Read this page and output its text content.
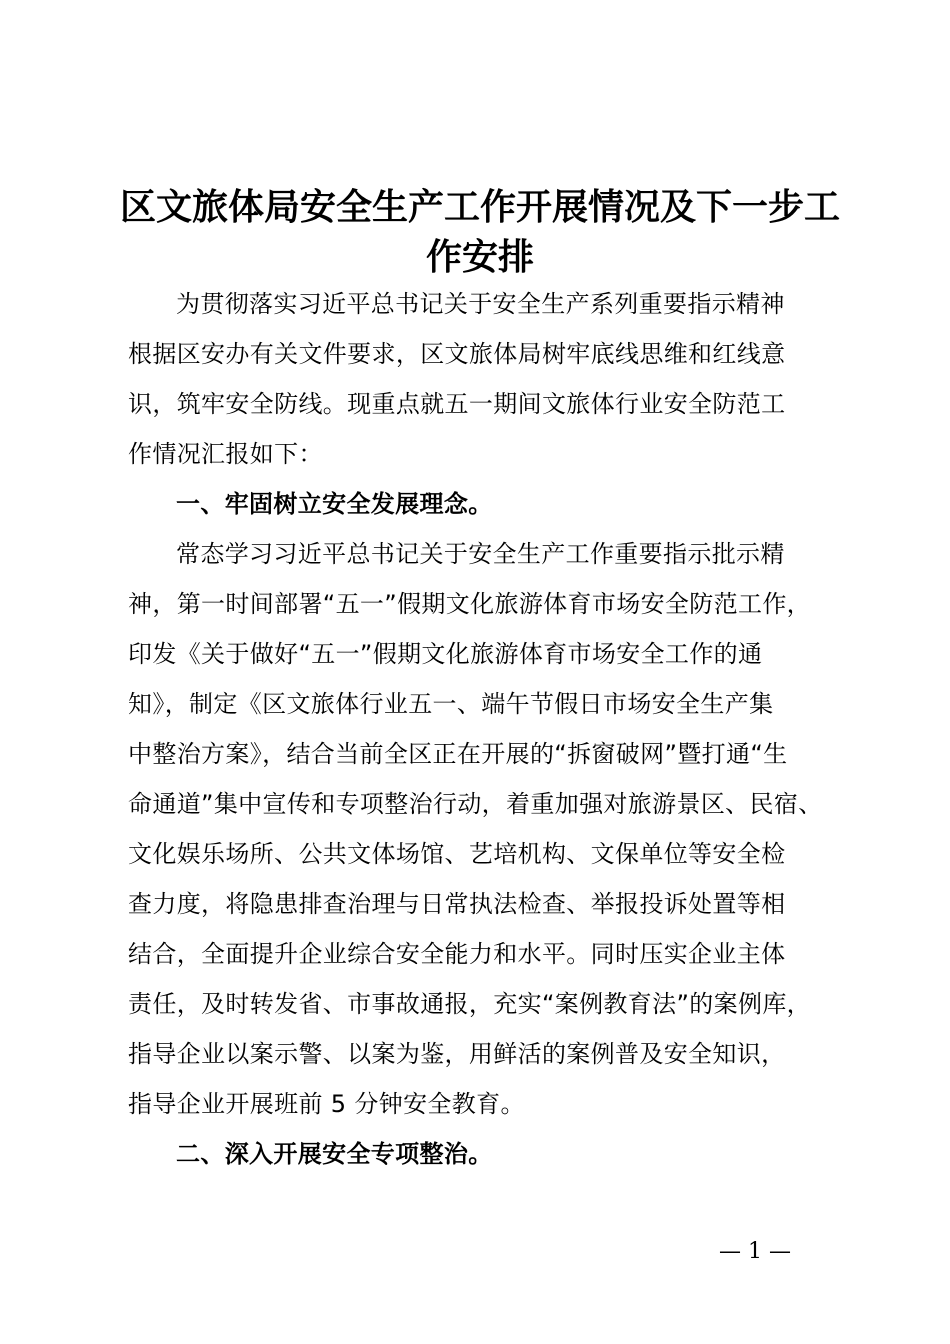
区文旅体局安全生产工作开展情况及下一步工
作安排

为贯彻落实习近平总书记关于安全生产系列重要指示精神

根据区安办有关文件要求，区文旅体局树牢底线思维和红线意

识，筑牢安全防线。现重点就五一期间文旅体行业安全防范工

作情况汇报如下：

一、牢固树立安全发展理念。

常态学习习近平总书记关于安全生产工作重要指示批示精

神，第一时间部署“五一”假期文化旅游体育市场安全防范工作，

印发《关于做好“五一”假期文化旅游体育市场安全工作的通

知》，制定《区文旅体行业五一、端午节假日市场安全生产集

中整治方案》，结合当前全区正在开展的“拆窗破网”暨打通“生

命通道”集中宣传和专项整治行动，着重加强对旅游景区、民宿、

文化娱乐场所、公共文体场馆、艺培机构、文保单位等安全检

查力度，将隐患排查治理与日常执法检查、举报投诉处置等相

结合，全面提升企业综合安全能力和水平。同时压实企业主体

责任，及时转发省、市事故通报，充实“案例教育法”的案例库，

指导企业以案示警、以案为鉴，用鲜活的案例普及安全知识，

指导企业开展班前 5 分钟安全教育。

二、深入开展安全专项整治。

— 1 —
